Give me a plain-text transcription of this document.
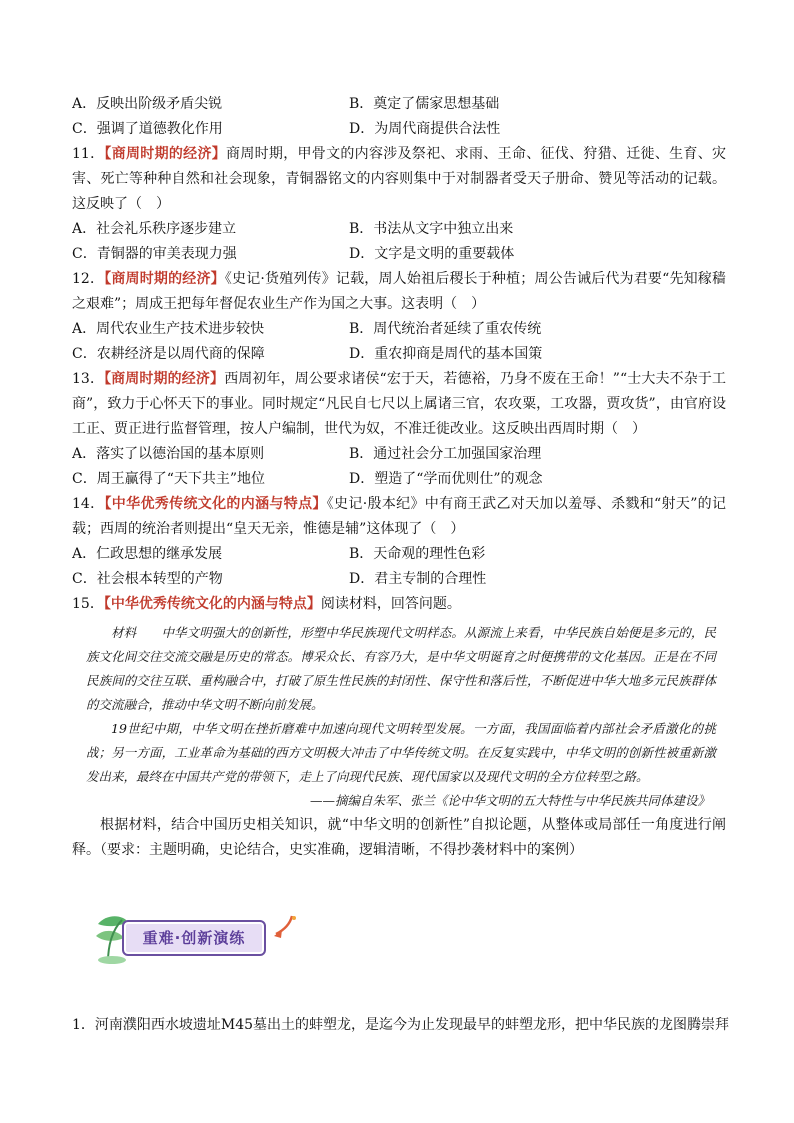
A．反映出阶级矛盾尖锐	B．奠定了儒家思想基础
C．强调了道德教化作用	D．为周代商提供合法性

11．【商周时期的经济】商周时期，甲骨文的内容涉及祭祀、求雨、王命、征伐、狩猎、迁徙、生育、灾害、死亡等种种自然和社会现象，青铜器铭文的内容则集中于对制器者受天子册命、赞见等活动的记载。这反映了（　）

A．社会礼乐秩序逐步建立	B．书法从文字中独立出来
C．青铜器的审美表现力强	D．文字是文明的重要载体

12．【商周时期的经济】《史记·货殖列传》记载，周人始祖后稷长于种植；周公告诫后代为君要“先知稼穑之艰难”；周成王把每年督促农业生产作为国之大事。这表明（　）

A．周代农业生产技术进步较快	B．周代统治者延续了重农传统
C．农耕经济是以周代商的保障	D．重农抑商是周代的基本国策

13．【商周时期的经济】西周初年，周公要求诸侯“宏于天，若德裕，乃身不废在王命！”“士大夫不杂于工商”，致力于心怀天下的事业。同时规定“凡民自七尺以上属诸三官，农攻粟，工攻器，贾攻货”，由官府设工正、贾正进行监督管理，按人户编制，世代为奴，不准迁徙改业。这反映出西周时期（　）

A．落实了以德治国的基本原则	B．通过社会分工加强国家治理
C．周王赢得了“天下共主”地位	D．塑造了“学而优则仕”的观念

14．【中华优秀传统文化的内涵与特点】《史记·殷本纪》中有商王武乙对天加以羞辱、杀戮和“射天”的记载；西周的统治者则提出“皇天无亲，惟德是辅”这体现了（　）

A．仁政思想的继承发展	B．天命观的理性色彩
C．社会根本转型的产物	D．君主专制的合理性

15．【中华优秀传统文化的内涵与特点】阅读材料，回答问题。

材料　　 中华文明强大的创新性，形塑中华民族现代文明样态。从源流上来看，中华民族自始便是多元的，民族文化间交往交流交融是历史的常态。博采众长、有容乃大，是中华文明诞育之时便携带的文化基因。正是在不同民族间的交往互联、重构融合中，打破了原生性民族的封闭性、保守性和落后性，不断促进中华大地多元民族群体的交流融合，推动中华文明不断向前发展。

19世纪中期，中华文明在挫折磨难中加速向现代文明转型发展。一方面，我国面临着内部社会矛盾激化的挑战；另一方面，工业革命为基础的西方文明极大冲击了中华传统文明。在反复实践中，中华文明的创新性被重新激发出来，最终在中国共产党的带领下，走上了向现代民族、现代国家以及现代文明的全方位转型之路。

——摘编自朱军、张兰《论中华文明的五大特性与中华民族共同体建设》

根据材料，结合中国历史相关知识，就“中华文明的创新性”自拟论题，从整体或局部任一角度进行阐释。（要求：主题明确，史论结合，史实准确，逻辑清晰，不得抄袭材料中的案例）

重难·创新演练
1．河南濮阳西水坡遗址M45墓出土的蚌塑龙，是迄今为止发现最早的蚌塑龙形，把中华民族的龙图腾崇拜
